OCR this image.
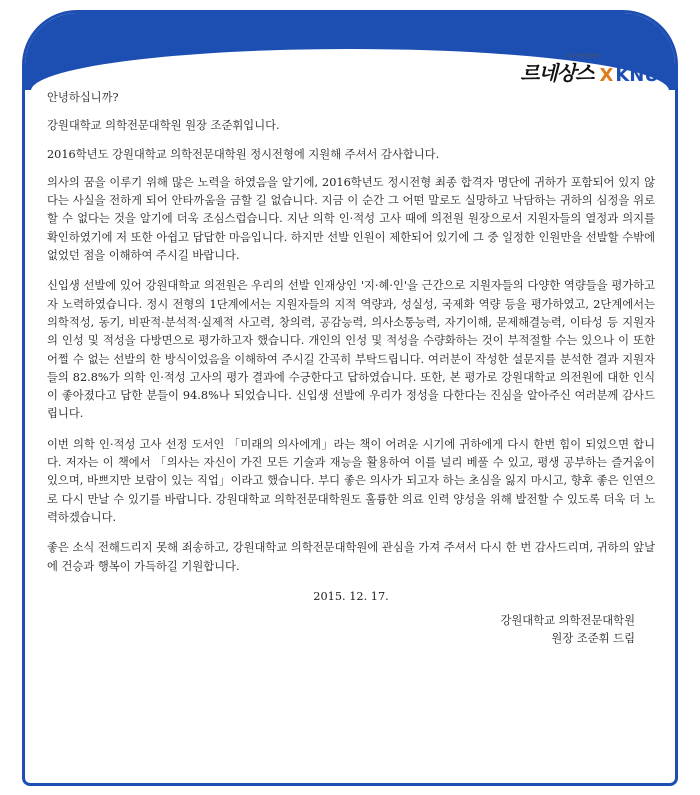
지속 가능 필리어
르네상스 X KNU

안녕하십니까?

강원대학교 의학전문대학원 원장 조준휘입니다.

2016학년도 강원대학교 의학전문대학원 정시전형에 지원해 주셔서 감사합니다.

의사의 꿈을 이루기 위해 많은 노력을 하였음을 알기에, 2016학년도 정시전형 최종 합격자 명단에 귀하가 포함되어 있지 않다는 사실을 전하게 되어 안타까움을 금할 길 없습니다. 지금 이 순간 그 어떤 말로도 실망하고 낙담하는 귀하의 심정을 위로할 수 없다는 것을 알기에 더욱 조심스럽습니다. 지난 의학 인·적성 고사 때에 의전원 원장으로서 지원자들의 열정과 의지를 확인하였기에 저 또한 아쉽고 답답한 마음입니다. 하지만 선발 인원이 제한되어 있기에 그 중 일정한 인원만을 선발할 수밖에 없었던 점을 이해하여 주시길 바랍니다.

신입생 선발에 있어 강원대학교 의전원은 우리의 선발 인재상인 '지·혜·인'을 근간으로 지원자들의 다양한 역량들을 평가하고자 노력하였습니다. 정시 전형의 1단계에서는 지원자들의 지적 역량과, 성실성, 국제화 역량 등을 평가하였고, 2단계에서는 의학적성, 동기, 비판적·분석적·실제적 사고력, 창의력, 공감능력, 의사소통능력, 자기이해, 문제해결능력, 이타성 등 지원자의 인성 및 적성을 다방면으로 평가하고자 했습니다. 개인의 인성 및 적성을 수량화하는 것이 부적절할 수는 있으나 이 또한 어쩔 수 없는 선발의 한 방식이었음을 이해하여 주시길 간곡히 부탁드립니다. 여러분이 작성한 설문지를 분석한 결과 지원자들의 82.8%가 의학 인·적성 고사의 평가 결과에 수긍한다고 답하였습니다. 또한, 본 평가로 강원대학교 의전원에 대한 인식이 좋아졌다고 답한 분들이 94.8%나 되었습니다. 신입생 선발에 우리가 정성을 다한다는 진심을 알아주신 여러분께 감사드립니다.

이번 의학 인·적성 고사 선정 도서인 「미래의 의사에게」라는 책이 어려운 시기에 귀하에게 다시 한번 힘이 되었으면 합니다. 저자는 이 책에서 「의사는 자신이 가진 모든 기술과 재능을 활용하여 이를 널리 베풀 수 있고, 평생 공부하는 즐거움이 있으며, 바쁘지만 보람이 있는 직업」이라고 했습니다. 부디 좋은 의사가 되고자 하는 초심을 잃지 마시고, 향후 좋은 인연으로 다시 만날 수 있기를 바랍니다. 강원대학교 의학전문대학원도 훌륭한 의료 인력 양성을 위해 발전할 수 있도록 더욱 더 노력하겠습니다.

좋은 소식 전해드리지 못해 죄송하고, 강원대학교 의학전문대학원에 관심을 가져 주셔서 다시 한 번 감사드리며, 귀하의 앞날에 건승과 행복이 가득하길 기원합니다.

2015. 12. 17.

강원대학교 의학전문대학원

원장 조준휘 드림
